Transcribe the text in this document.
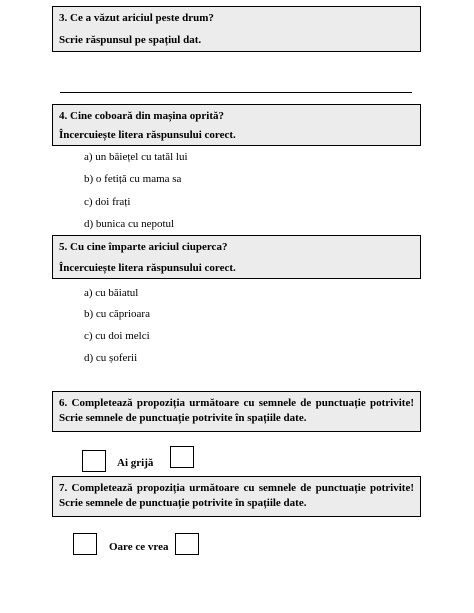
3. Ce a văzut ariciul peste drum?
Scrie răspunsul pe spațiul dat.
4. Cine coboară din mașina oprită?
Încercuiește litera răspunsului corect.
a) un băiețel cu tatăl lui
b) o fetiță cu mama sa
c) doi frați
d) bunica cu nepotul
5. Cu cine împarte ariciul ciuperca?
Încercuiește litera răspunsului corect.
a) cu băiatul
b) cu căprioara
c) cu doi melci
d) cu șoferii
6. Completează propoziția următoare cu semnele de punctuație potrivite!
Scrie semnele de punctuație potrivite în spațiile date.
Ai grijă
7. Completează propoziția următoare cu semnele de punctuație potrivite!
Scrie semnele de punctuație potrivite în spațiile date.
Oare ce vrea
